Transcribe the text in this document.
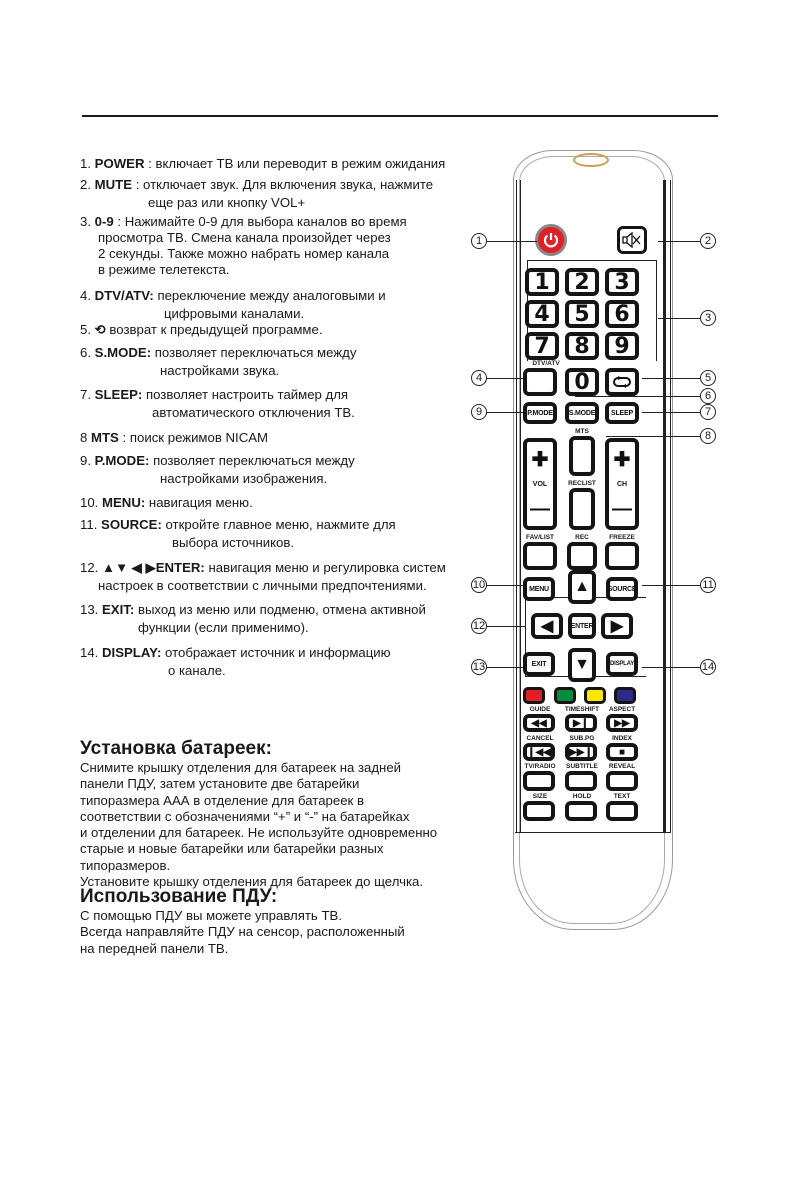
1. POWER : включает ТВ или переводит в режим ожидания
2. MUTE : отключает звук. Для включения звука, нажмите
еще раз или кнопку VOL+
3. 0-9 : Нажимайте 0-9 для выбора каналов во время
просмотра ТВ. Смена канала произойдет через
2 секунды. Также можно набрать номер канала
в режиме телетекста.
4. DTV/ATV: переключение между аналоговыми и
цифровыми каналами.
5. ⟲ возврат к предыдущей программе.
6. S.MODE: позволяет переключаться между
настройками звука.
7. SLEEP: позволяет настроить таймер для
автоматического отключения ТВ.
8 MTS : поиск режимов NICAM
9. P.MODE: позволяет переключаться между
настройками изображения.
10. MENU: навигация меню.
11. SOURCE: откройте главное меню, нажмите для
выбора источников.
12. ▲▼ ◀ ▶ENTER: навигация меню и регулировка систем
настроек в соответствии с личными предпочтениями.
13. EXIT: выход из меню или подменю, отмена активной
функции (если применимо).
14. DISPLAY: отображает источник и информацию
о канале.
Установка батареек:
Снимите крышку отделения для батареек на задней
панели ПДУ, затем установите две батарейки
типоразмера ААА в отделение для батареек в
соответствии с обозначениями “+” и “-” на батарейках
и отделении для батареек. Не используйте одновременно
старые и новые батарейки или батарейки разных
типоразмеров.
Установите крышку отделения для батареек до щелчка.
Использование ПДУ:
С помощью ПДУ вы можете управлять ТВ.
Всегда направляйте ПДУ на сенсор, расположенный
на передней панели ТВ.
DTV/ATV
0
P.MODE	S.MODE	SLEEP
MTS
RECLIST
✚
VOL
—
✚
CH
—
FAV/LIST	REC	FREEZE
MENU	SOURCE
▲
◀	ENTER	▶
▼
EXIT	DISPLAY
GUIDE	TIMESHIFT	ASPECT
◀◀	▶❙	▶▶
CANCEL	SUB.PG	INDEX
❙◀◀	▶▶❙	■
TV/RADIO	SUBTITLE	REVEAL
SIZE	HOLD	TEXT
1	2	3
4	5	6
7	8	9
1	2
3
4	5
6
7
8
9
10	11
12
13	14
